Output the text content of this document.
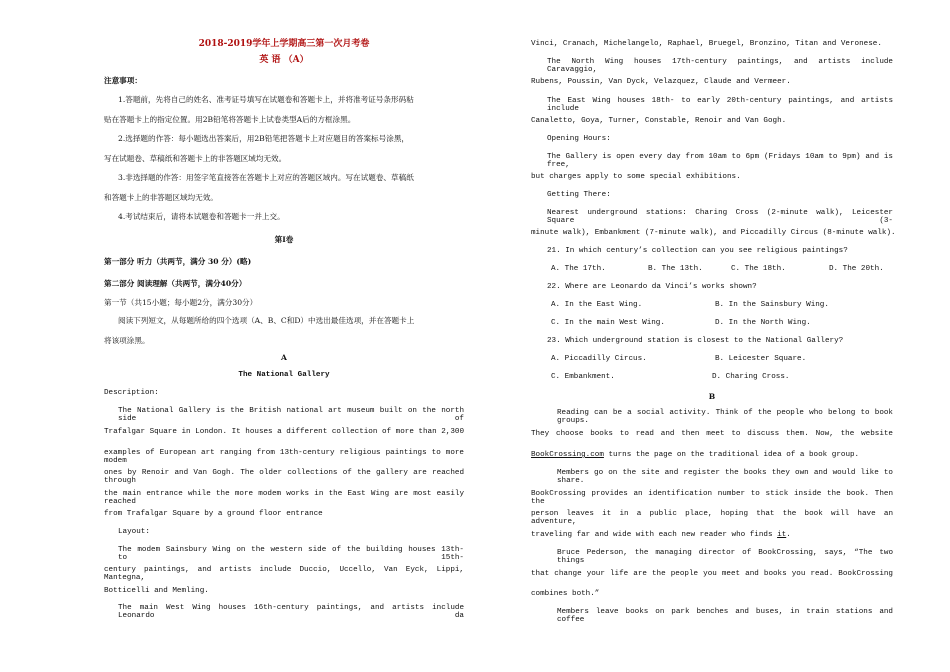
2018-2019学年上学期高三第一次月考卷
英 语 （A）
注意事项：
1.答题前，先将自己的姓名、准考证号填写在试题卷和答题卡上，并将准考证号条形码粘
贴在答题卡上的指定位置。用2B铅笔将答题卡上试卷类型A后的方框涂黑。
2.选择题的作答：每小题选出答案后，用2B铅笔把答题卡上对应题目的答案标号涂黑，
写在试题卷、草稿纸和答题卡上的非答题区域均无效。
3.非选择题的作答：用签字笔直接答在答题卡上对应的答题区域内。写在试题卷、草稿纸
和答题卡上的非答题区域均无效。
4.考试结束后，请将本试题卷和答题卡一并上交。
第Ⅰ卷
第一部分 听力（共两节，满分 30 分）(略)
第二部分 阅读理解（共两节，满分40分）
第一节（共15小题；每小题2分，满分30分）
阅读下列短文，从每题所给的四个选项（A、B、C和D）中选出最佳选项，并在答题卡上
将该项涂黑。
A
The National Gallery
Description:
The National Gallery is the British national art museum built on the north side of
Trafalgar Square in London. It houses a different collection of more than 2,300
examples of European art ranging from 13th-century religious paintings to more modem
ones by Renoir and Van Gogh. The older collections of the gallery are reached through
the main entrance while the more modem works in the East Wing are most easily reached
from Trafalgar Square by a ground floor entrance
Layout:
The modem Sainsbury Wing on the western side of the building houses 13th- to 15th-
century paintings, and artists include Duccio, Uccello, Van Eyck, Lippi, Mantegna,
Botticelli and Memling.
The main West Wing houses 16th-century paintings, and artists include Leonardo da
Vinci, Cranach, Michelangelo, Raphael, Bruegel, Bronzino, Titan and Veronese.
The North Wing houses 17th-century paintings, and artists include Caravaggio,
Rubens, Poussin, Van Dyck, Velazquez, Claude and Vermeer.
The East Wing houses 18th- to early 20th-century paintings, and artists include
Canaletto, Goya, Turner, Constable, Renoir and Van Gogh.
Opening Hours:
The Gallery is open every day from 10am to 6pm (Fridays 10am to 9pm) and is free,
but charges apply to some special exhibitions.
Getting There:
Nearest underground stations: Charing Cross (2-minute walk), Leicester Square (3-
minute walk), Embankment (7-minute walk), and Piccadilly Circus (8-minute walk).
21. In which century’s collection can you see religious paintings?
A. The 17th.	B. The 13th.	C. The 18th.	D. The 20th.
22. Where are Leonardo da Vinci’s works shown?
A. In the East Wing.	B. In the Sainsbury Wing.
C. In the main West Wing.	D. In the North Wing.
23. Which underground station is closest to the National Gallery?
A. Piccadilly Circus.	B. Leicester Square.
C. Embankment.	D. Charing Cross.
B
Reading can be a social activity. Think of the people who belong to book groups.
They choose books to read and then meet to discuss them. Now, the website
BookCrossing.com turns the page on the traditional idea of a book group.
Members go on the site and register the books they own and would like to share.
BookCrossing provides an identification number to stick inside the book. Then the
person leaves it in a public place, hoping that the book will have an adventure,
traveling far and wide with each new reader who finds it.
Bruce Pederson, the managing director of BookCrossing, says, “The two things
that change your life are the people you meet and books you read. BookCrossing
combines both.”
Members leave books on park benches and buses, in train stations and coffee
